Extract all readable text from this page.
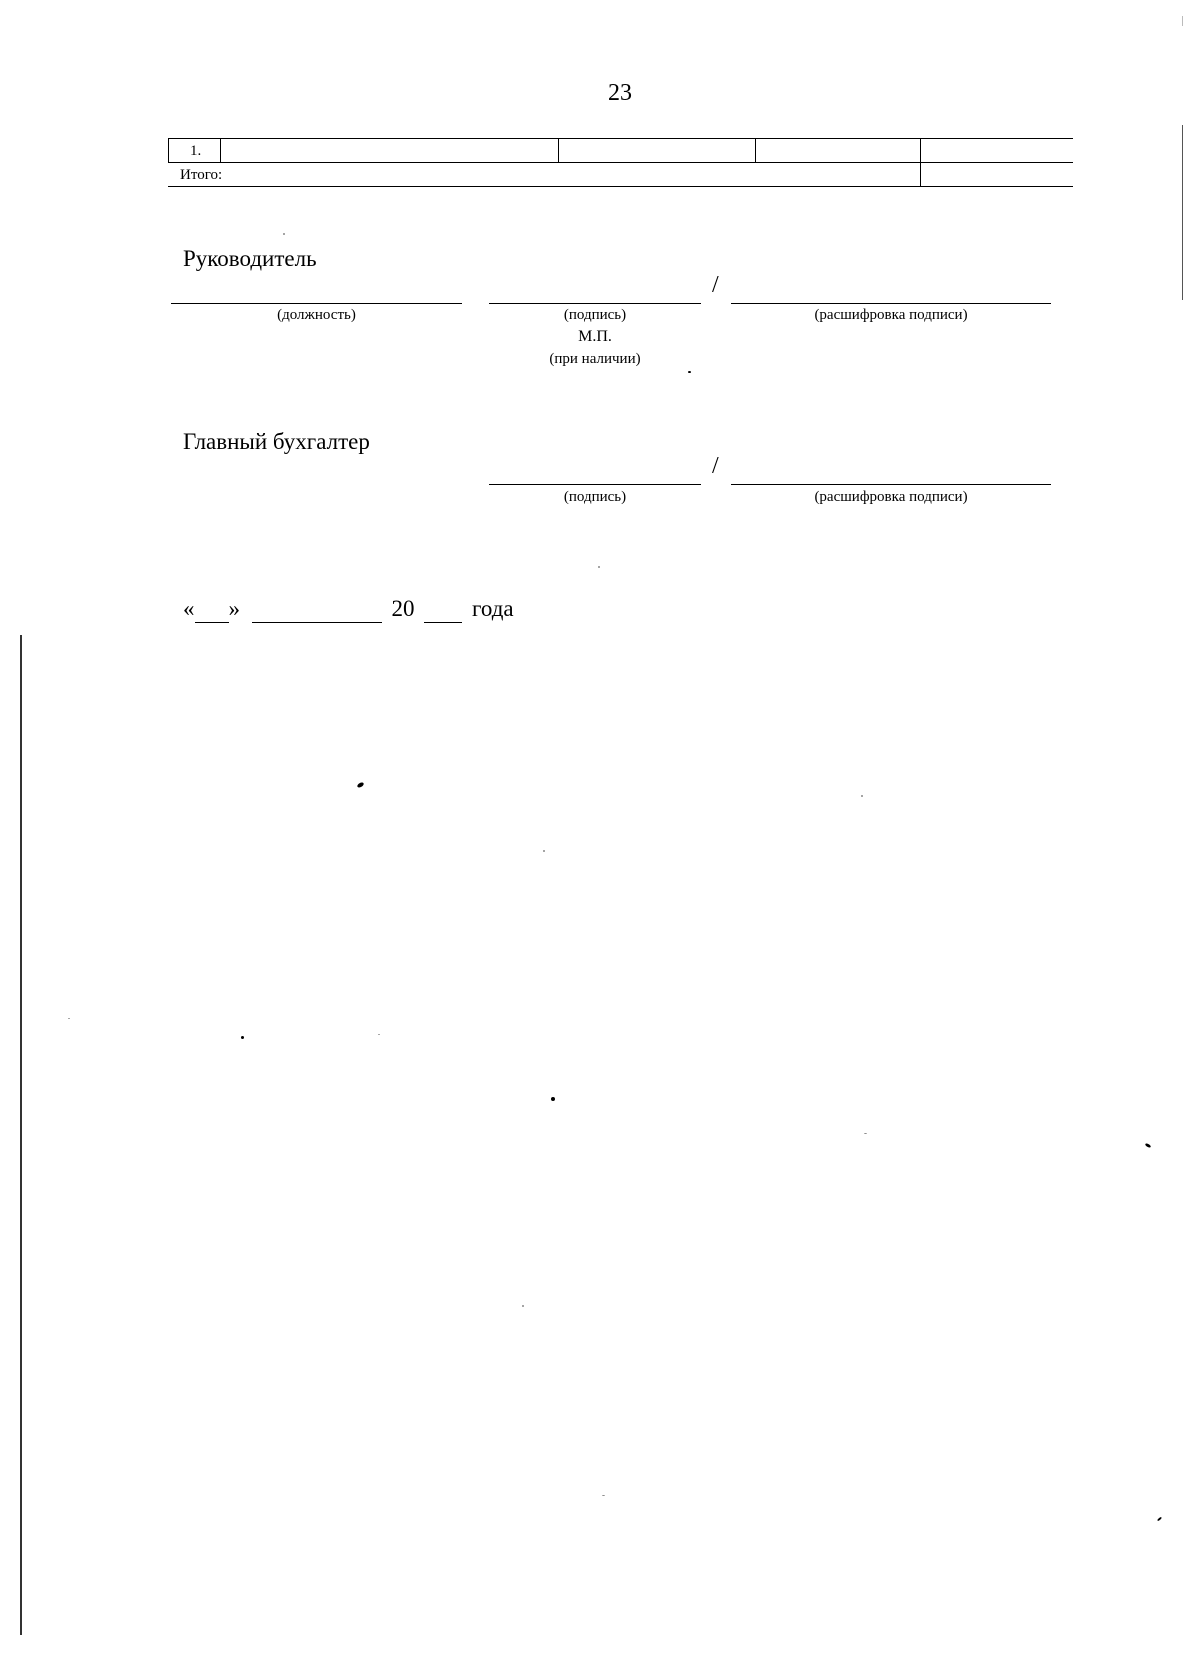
23
1.
Итого:
Руководитель
/
(должность)	(подпись)
М.П.
(при наличии)
(расшифровка подписи)
Главный бухгалтер
/
(подпись)	(расшифровка подписи)
« »	20	года
